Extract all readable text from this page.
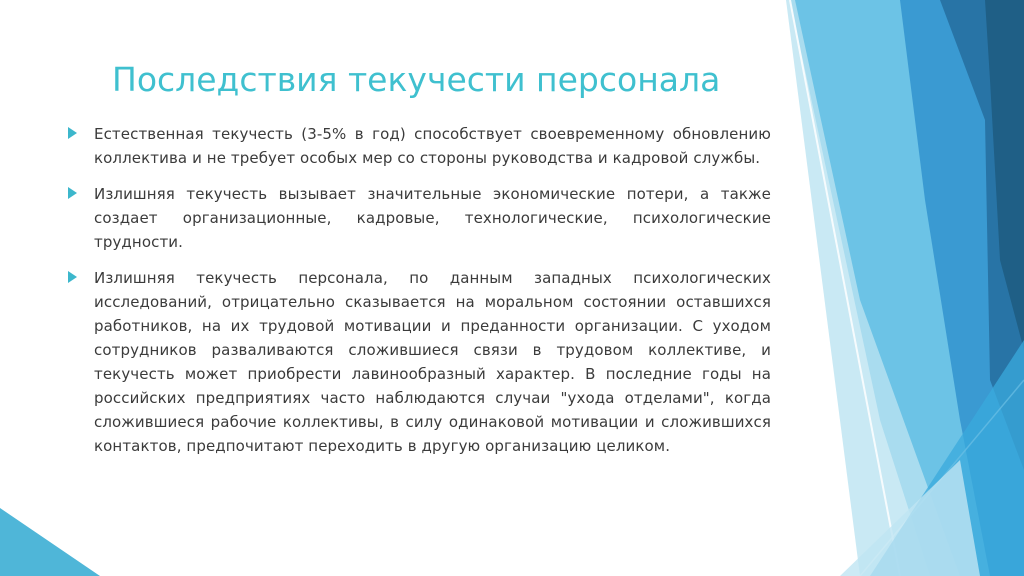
Последствия текучести персонала
Естественная текучесть (3-5% в год) способствует своевременному обновлению коллектива и не требует особых мер со стороны руководства и кадровой службы.
Излишняя текучесть вызывает значительные экономические потери, а также создает организационные, кадровые, технологические, психологические трудности.
Излишняя текучесть персонала, по данным западных психологических исследований, отрицательно сказывается на моральном состоянии оставшихся работников, на их трудовой мотивации и преданности организации. С уходом сотрудников разваливаются сложившиеся связи в трудовом коллективе, и текучесть может приобрести лавинообразный характер. В последние годы на российских предприятиях часто наблюдаются случаи "ухода отделами", когда сложившиеся рабочие коллективы, в силу одинаковой мотивации и сложившихся контактов, предпочитают переходить в другую организацию целиком.
